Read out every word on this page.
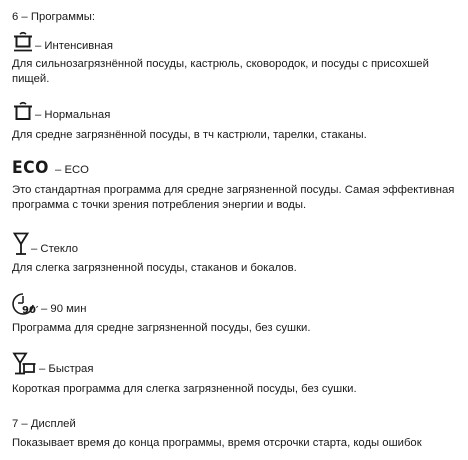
6 – Программы:
– Интенсивная
Для сильнозагрязнённой посуды, кастрюль, сковородок, и посуды с присохшей пищей.
– Нормальная
Для средне загрязнённой посуды, в тч кастрюли, тарелки, стаканы.
ECO – ECO
Это стандартная программа для средне загрязненной посуды. Самая эффективная программа с точки зрения потребления энергии и воды.
– Стекло
Для слегка загрязненной посуды, стаканов и бокалов.
90′ – 90 мин
Программа для средне загрязненной посуды, без сушки.
– Быстрая
Короткая программа для слегка загрязненной посуды, без сушки.
7 – Дисплей
Показывает время до конца программы, время отсрочки старта, коды ошибок
